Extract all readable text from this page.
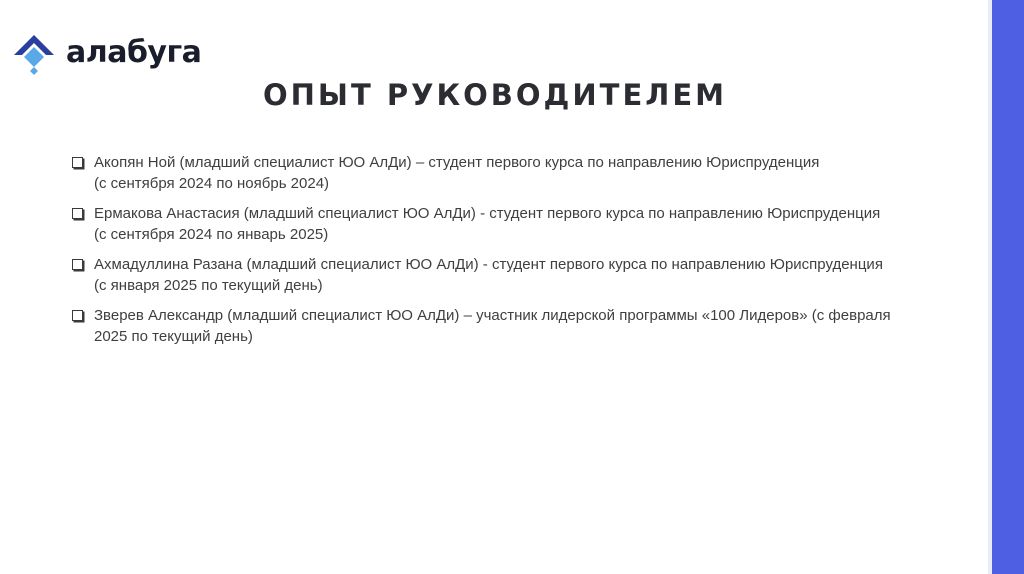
алабуга
ОПЫТ РУКОВОДИТЕЛЕМ
Акопян Ной (младший специалист ЮО АлДи) – студент первого курса по направлению Юриспруденция
(с сентября 2024 по ноябрь 2024)
Ермакова Анастасия (младший специалист ЮО АлДи) - студент первого курса по направлению Юриспруденция
(с сентября 2024 по январь 2025)
Ахмадуллина Разана (младший специалист ЮО АлДи) - студент первого курса по направлению Юриспруденция
(с января 2025 по текущий день)
Зверев Александр (младший специалист ЮО АлДи) – участник лидерской программы «100 Лидеров» (с февраля
2025 по текущий день)
